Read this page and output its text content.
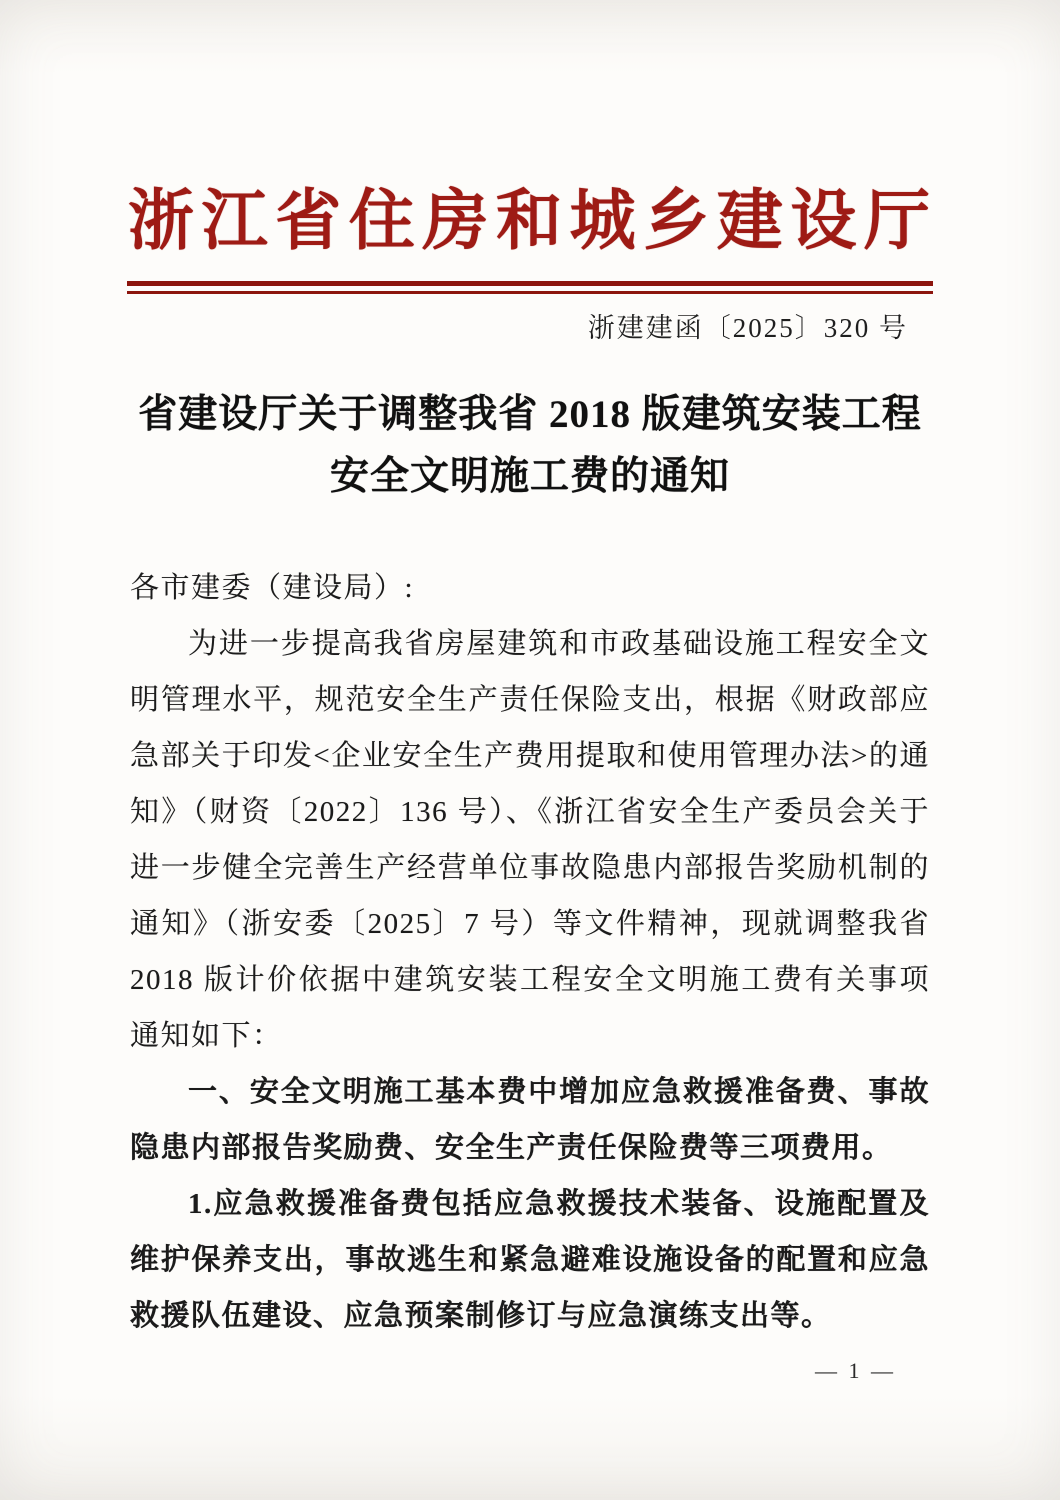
浙江省住房和城乡建设厅
浙建建函〔2025〕320 号
省建设厅关于调整我省 2018 版建筑安装工程
安全文明施工费的通知

各市建委（建设局）:

为进一步提高我省房屋建筑和市政基础设施工程安全文明管理水平，规范安全生产责任保险支出，根据《财政部应急部关于印发<企业安全生产费用提取和使用管理办法>的通知》（财资〔2022〕136 号）、《浙江省安全生产委员会关于进一步健全完善生产经营单位事故隐患内部报告奖励机制的通知》（浙安委〔2025〕7 号）等文件精神，现就调整我省 2018 版计价依据中建筑安装工程安全文明施工费有关事项通知如下：

一、安全文明施工基本费中增加应急救援准备费、事故隐患内部报告奖励费、安全生产责任保险费等三项费用。

1.应急救援准备费包括应急救援技术装备、设施配置及维护保养支出，事故逃生和紧急避难设施设备的配置和应急救援队伍建设、应急预案制修订与应急演练支出等。

— 1 —
